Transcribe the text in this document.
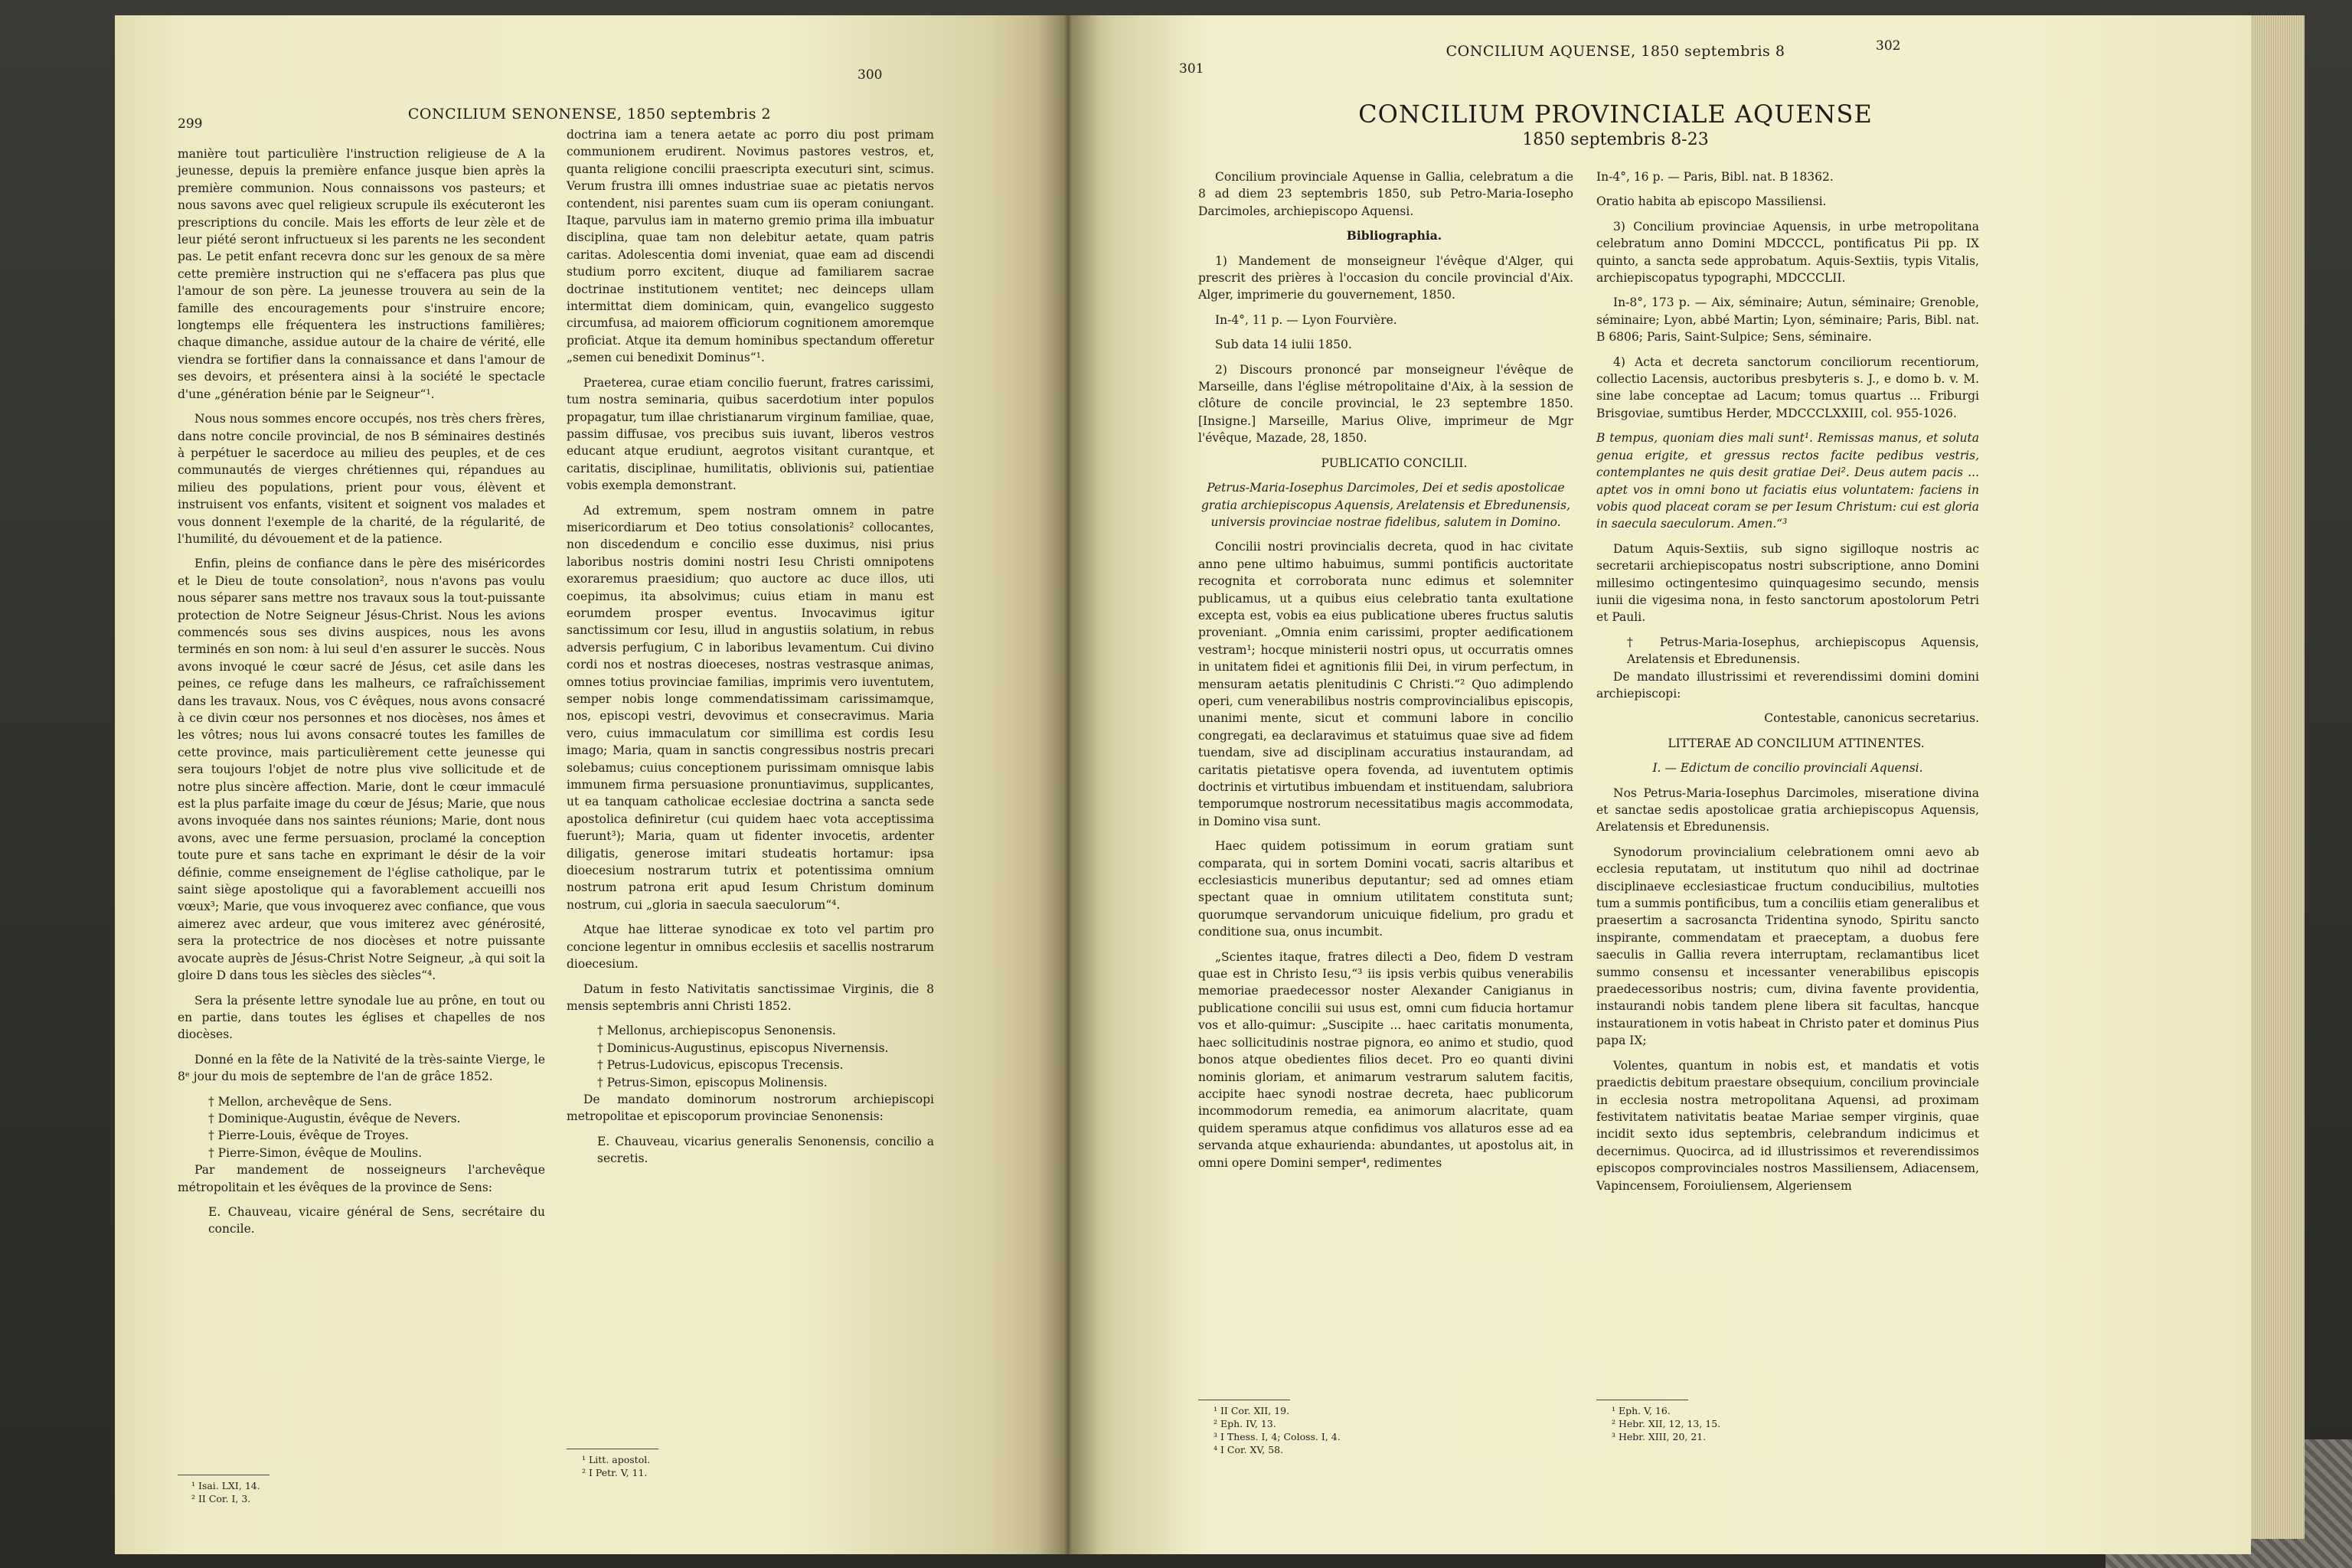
299
CONCILIUM SENONENSE, 1850 septembris 2
300

manière tout particulière l'instruction religieuse de A la jeunesse, depuis la première enfance jusque bien après la première communion. Nous connaissons vos pasteurs; et nous savons avec quel religieux scrupule ils exécuteront les prescriptions du concile. Mais les efforts de leur zèle et de leur piété seront infructueux si les parents ne les secondent pas. Le petit enfant recevra donc sur les genoux de sa mère cette première instruction qui ne s'effacera pas plus que l'amour de son père. La jeunesse trouvera au sein de la famille des encouragements pour s'instruire encore; longtemps elle fréquentera les instructions familières; chaque dimanche, assidue autour de la chaire de vérité, elle viendra se fortifier dans la connaissance et dans l'amour de ses devoirs, et présentera ainsi à la société le spectacle d'une „génération bénie par le Seigneur“¹.

Nous nous sommes encore occupés, nos très chers frères, dans notre concile provincial, de nos B séminaires destinés à perpétuer le sacerdoce au milieu des peuples, et de ces communautés de vierges chrétiennes qui, répandues au milieu des populations, prient pour vous, élèvent et instruisent vos enfants, visitent et soignent vos malades et vous donnent l'exemple de la charité, de la régularité, de l'humilité, du dévouement et de la patience.

Enfin, pleins de confiance dans le père des miséricordes et le Dieu de toute consolation², nous n'avons pas voulu nous séparer sans mettre nos travaux sous la tout-puissante protection de Notre Seigneur Jésus-Christ. Nous les avions commencés sous ses divins auspices, nous les avons terminés en son nom: à lui seul d'en assurer le succès. Nous avons invoqué le cœur sacré de Jésus, cet asile dans les peines, ce refuge dans les malheurs, ce rafraîchissement dans les travaux. Nous, vos C évêques, nous avons consacré à ce divin cœur nos personnes et nos diocèses, nos âmes et les vôtres; nous lui avons consacré toutes les familles de cette province, mais particulièrement cette jeunesse qui sera toujours l'objet de notre plus vive sollicitude et de notre plus sincère affection. Marie, dont le cœur immaculé est la plus parfaite image du cœur de Jésus; Marie, que nous avons invoquée dans nos saintes réunions; Marie, dont nous avons, avec une ferme persuasion, proclamé la conception toute pure et sans tache en exprimant le désir de la voir définie, comme enseignement de l'église catholique, par le saint siège apostolique qui a favorablement accueilli nos vœux³; Marie, que vous invoquerez avec confiance, que vous aimerez avec ardeur, que vous imiterez avec générosité, sera la protectrice de nos diocèses et notre puissante avocate auprès de Jésus-Christ Notre Seigneur, „à qui soit la gloire D dans tous les siècles des siècles“⁴.

Sera la présente lettre synodale lue au prône, en tout ou en partie, dans toutes les églises et chapelles de nos diocèses.

Donné en la fête de la Nativité de la très-sainte Vierge, le 8ᵉ jour du mois de septembre de l'an de grâce 1852.

† Mellon, archevêque de Sens.

† Dominique-Augustin, évêque de Nevers.

† Pierre-Louis, évêque de Troyes.

† Pierre-Simon, évêque de Moulins.

Par mandement de nosseigneurs l'archevêque métropolitain et les évêques de la province de Sens:

E. Chauveau, vicaire général de Sens, secrétaire du concile.

¹ Isai. LXI, 14.
² II Cor. I, 3.

doctrina iam a tenera aetate ac porro diu post primam communionem erudirent. Novimus pastores vestros, et, quanta religione concilii praescripta executuri sint, scimus. Verum frustra illi omnes industriae suae ac pietatis nervos contendent, nisi parentes suam cum iis operam coniungant. Itaque, parvulus iam in materno gremio prima illa imbuatur disciplina, quae tam non delebitur aetate, quam patris caritas. Adolescentia domi inveniat, quae eam ad discendi studium porro excitent, diuque ad familiarem sacrae doctrinae institutionem ventitet; nec deinceps ullam intermittat diem dominicam, quin, evangelico suggesto circumfusa, ad maiorem officiorum cognitionem amoremque proficiat. Atque ita demum hominibus spectandum offeretur „semen cui benedixit Dominus“¹.

Praeterea, curae etiam concilio fuerunt, fratres carissimi, tum nostra seminaria, quibus sacerdotium inter populos propagatur, tum illae christianarum virginum familiae, quae, passim diffusae, vos precibus suis iuvant, liberos vestros educant atque erudiunt, aegrotos visitant curantque, et caritatis, disciplinae, humilitatis, oblivionis sui, patientiae vobis exempla demonstrant.

Ad extremum, spem nostram omnem in patre misericordiarum et Deo totius consolationis² collocantes, non discedendum e concilio esse duximus, nisi prius laboribus nostris domini nostri Iesu Christi omnipotens exoraremus praesidium; quo auctore ac duce illos, uti coepimus, ita absolvimus; cuius etiam in manu est eorumdem prosper eventus. Invocavimus igitur sanctissimum cor Iesu, illud in angustiis solatium, in rebus adversis perfugium, C in laboribus levamentum. Cui divino cordi nos et nostras dioeceses, nostras vestrasque animas, omnes totius provinciae familias, imprimis vero iuventutem, semper nobis longe commendatissimam carissimamque, nos, episcopi vestri, devovimus et consecravimus. Maria vero, cuius immaculatum cor simillima est cordis Iesu imago; Maria, quam in sanctis congressibus nostris precari solebamus; cuius conceptionem purissimam omnisque labis immunem firma persuasione pronuntiavimus, supplicantes, ut ea tanquam catholicae ecclesiae doctrina a sancta sede apostolica definiretur (cui quidem haec vota acceptissima fuerunt³); Maria, quam ut fidenter invocetis, ardenter diligatis, generose imitari studeatis hortamur: ipsa dioecesium nostrarum tutrix et potentissima omnium nostrum patrona erit apud Iesum Christum dominum nostrum, cui „gloria in saecula saeculorum“⁴.

Atque hae litterae synodicae ex toto vel partim pro concione legentur in omnibus ecclesiis et sacellis nostrarum dioecesium.

Datum in festo Nativitatis sanctissimae Virginis, die 8 mensis septembris anni Christi 1852.

† Mellonus, archiepiscopus Senonensis.

† Dominicus-Augustinus, episcopus Nivernensis.

† Petrus-Ludovicus, episcopus Trecensis.

† Petrus-Simon, episcopus Molinensis.

De mandato dominorum nostrorum archiepiscopi metropolitae et episcoporum provinciae Senonensis:

E. Chauveau, vicarius generalis Senonensis, concilio a secretis.

¹ Litt. apostol.
² I Petr. V, 11.
301
CONCILIUM AQUENSE, 1850 septembris 8	302
CONCILIUM PROVINCIALE AQUENSE
1850 septembris 8-23

Concilium provinciale Aquense in Gallia, celebratum a die 8 ad diem 23 septembris 1850, sub Petro-Maria-Iosepho Darcimoles, archiepiscopo Aquensi.

Bibliographia.

1) Mandement de monseigneur l'évêque d'Alger, qui prescrit des prières à l'occasion du concile provincial d'Aix. Alger, imprimerie du gouvernement, 1850.

In-4°, 11 p. — Lyon Fourvière.

Sub data 14 iulii 1850.

2) Discours prononcé par monseigneur l'évêque de Marseille, dans l'église métropolitaine d'Aix, à la session de clôture de concile provincial, le 23 septembre 1850. [Insigne.] Marseille, Marius Olive, imprimeur de Mgr l'évêque, Mazade, 28, 1850.

PUBLICATIO CONCILII.

Petrus-Maria-Iosephus Darcimoles, Dei et sedis apostolicae gratia archiepiscopus Aquensis, Arelatensis et Ebredunensis, universis provinciae nostrae fidelibus, salutem in Domino.

Concilii nostri provincialis decreta, quod in hac civitate anno pene ultimo habuimus, summi pontificis auctoritate recognita et corroborata nunc edimus et solemniter publicamus, ut a quibus eius celebratio tanta exultatione excepta est, vobis ea eius publicatione uberes fructus salutis proveniant. „Omnia enim carissimi, propter aedificationem vestram¹; hocque ministerii nostri opus, ut occurratis omnes in unitatem fidei et agnitionis filii Dei, in virum perfectum, in mensuram aetatis plenitudinis C Christi.“² Quo adimplendo operi, cum venerabilibus nostris comprovincialibus episcopis, unanimi mente, sicut et communi labore in concilio congregati, ea declaravimus et statuimus quae sive ad fidem tuendam, sive ad disciplinam accuratius instaurandam, ad caritatis pietatisve opera fovenda, ad iuventutem optimis doctrinis et virtutibus imbuendam et instituendam, salubriora temporumque nostrorum necessitatibus magis accommodata, in Domino visa sunt.

Haec quidem potissimum in eorum gratiam sunt comparata, qui in sortem Domini vocati, sacris altaribus et ecclesiasticis muneribus deputantur; sed ad omnes etiam spectant quae in omnium utilitatem constituta sunt; quorumque servandorum unicuique fidelium, pro gradu et conditione sua, onus incumbit.

„Scientes itaque, fratres dilecti a Deo, fidem D vestram quae est in Christo Iesu,“³ iis ipsis verbis quibus venerabilis memoriae praedecessor noster Alexander Canigianus in publicatione concilii sui usus est, omni cum fiducia hortamur vos et allo-quimur: „Suscipite ... haec caritatis monumenta, haec sollicitudinis nostrae pignora, eo animo et studio, quod bonos atque obedientes filios decet. Pro eo quanti divini nominis gloriam, et animarum vestrarum salutem facitis, accipite haec synodi nostrae decreta, haec publicorum incommodorum remedia, ea animorum alacritate, quam quidem speramus atque confidimus vos allaturos esse ad ea servanda atque exhaurienda: abundantes, ut apostolus ait, in omni opere Domini semper⁴, redimentes

¹ II Cor. XII, 19.
² Eph. IV, 13.
³ I Thess. I, 4; Coloss. I, 4.
⁴ I Cor. XV, 58.

In-4°, 16 p. — Paris, Bibl. nat. B 18362.

Oratio habita ab episcopo Massiliensi.

3) Concilium provinciae Aquensis, in urbe metropolitana celebratum anno Domini MDCCCL, pontificatus Pii pp. IX quinto, a sancta sede approbatum. Aquis-Sextiis, typis Vitalis, archiepiscopatus typographi, MDCCCLII.

In-8°, 173 p. — Aix, séminaire; Autun, séminaire; Grenoble, séminaire; Lyon, abbé Martin; Lyon, séminaire; Paris, Bibl. nat. B 6806; Paris, Saint-Sulpice; Sens, séminaire.

4) Acta et decreta sanctorum conciliorum recentiorum, collectio Lacensis, auctoribus presbyteris s. J., e domo b. v. M. sine labe conceptae ad Lacum; tomus quartus ... Friburgi Brisgoviae, sumtibus Herder, MDCCCLXXIII, col. 955-1026.

B tempus, quoniam dies mali sunt¹. Remissas manus, et soluta genua erigite, et gressus rectos facite pedibus vestris, contemplantes ne quis desit gratiae Dei². Deus autem pacis ... aptet vos in omni bono ut faciatis eius voluntatem: faciens in vobis quod placeat coram se per Iesum Christum: cui est gloria in saecula saeculorum. Amen.“³

Datum Aquis-Sextiis, sub signo sigilloque nostris ac secretarii archiepiscopatus nostri subscriptione, anno Domini millesimo octingentesimo quinquagesimo secundo, mensis iunii die vigesima nona, in festo sanctorum apostolorum Petri et Pauli.

† Petrus-Maria-Iosephus, archiepiscopus Aquensis, Arelatensis et Ebredunensis.

De mandato illustrissimi et reverendissimi domini domini archiepiscopi:

Contestable, canonicus secretarius.

LITTERAE AD CONCILIUM ATTINENTES.

I. — Edictum de concilio provinciali Aquensi.

Nos Petrus-Maria-Iosephus Darcimoles, miseratione divina et sanctae sedis apostolicae gratia archiepiscopus Aquensis, Arelatensis et Ebredunensis.

Synodorum provincialium celebrationem omni aevo ab ecclesia reputatam, ut institutum quo nihil ad doctrinae disciplinaeve ecclesiasticae fructum conducibilius, multoties tum a summis pontificibus, tum a conciliis etiam generalibus et praesertim a sacrosancta Tridentina synodo, Spiritu sancto inspirante, commendatam et praeceptam, a duobus fere saeculis in Gallia revera interruptam, reclamantibus licet summo consensu et incessanter venerabilibus episcopis praedecessoribus nostris; cum, divina favente providentia, instaurandi nobis tandem plene libera sit facultas, hancque instaurationem in votis habeat in Christo pater et dominus Pius papa IX;

Volentes, quantum in nobis est, et mandatis et votis praedictis debitum praestare obsequium, concilium provinciale in ecclesia nostra metropolitana Aquensi, ad proximam festivitatem nativitatis beatae Mariae semper virginis, quae incidit sexto idus septembris, celebrandum indicimus et decernimus. Quocirca, ad id illustrissimos et reverendissimos episcopos comprovinciales nostros Massiliensem, Adiacensem, Vapincensem, Foroiuliensem, Algeriensem

¹ Eph. V, 16.
² Hebr. XII, 12, 13, 15.
³ Hebr. XIII, 20, 21.
